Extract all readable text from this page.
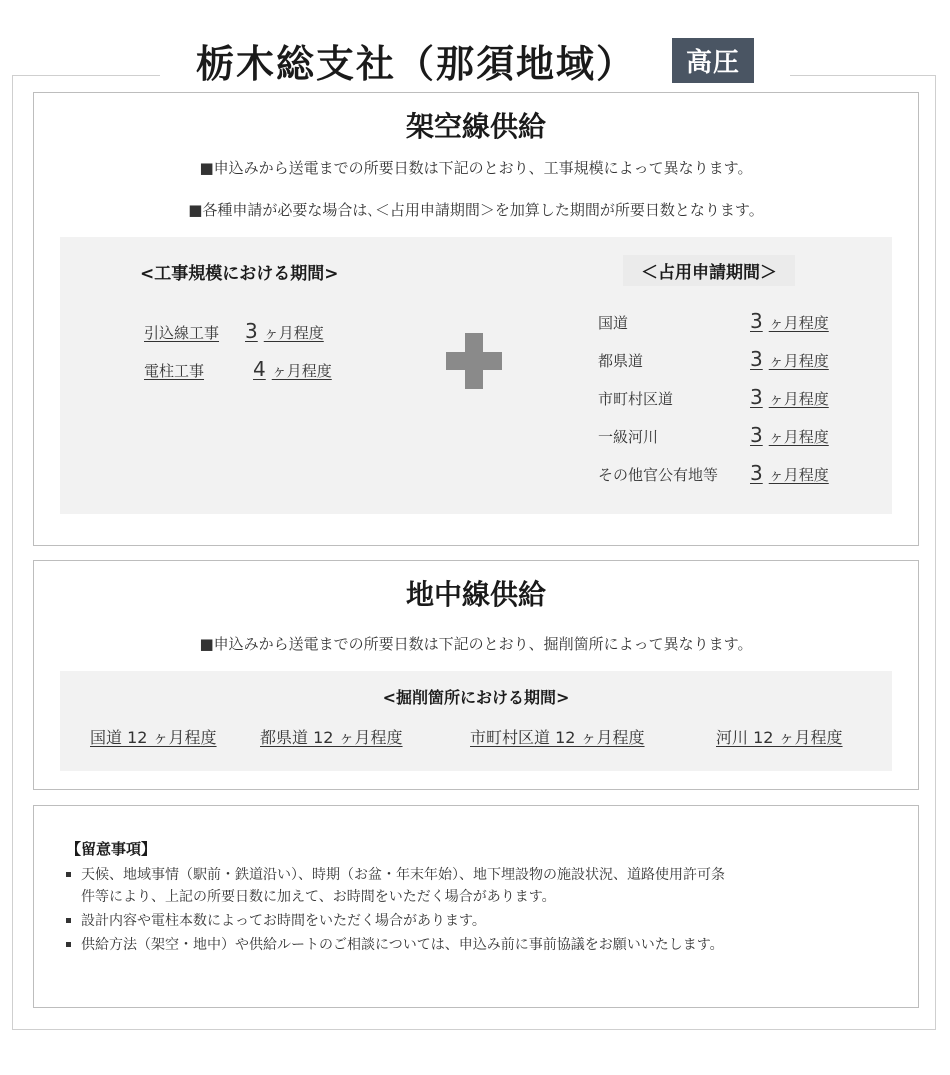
栃木総支社（那須地域）	高圧
架空線供給
■申込みから送電までの所要日数は下記のとおり、工事規模によって異なります。
■各種申請が必要な場合は､＜占用申請期間＞を加算した期間が所要日数となります。
<工事規模における期間>	＜占用申請期間＞
引込線工事 3 ヶ月程度
電柱工事 4 ヶ月程度
国道	3 ヶ月程度
都県道	3 ヶ月程度
市町村区道	3 ヶ月程度
一級河川	3 ヶ月程度
その他官公有地等 3 ヶ月程度
地中線供給
■申込みから送電までの所要日数は下記のとおり、掘削箇所によって異なります。
<掘削箇所における期間>
国道 12 ヶ月程度	都県道 12 ヶ月程度	市町村区道 12 ヶ月程度	河川 12 ヶ月程度
【留意事項】
天候、地域事情（駅前・鉄道沿い）、時期（お盆・年末年始）、地下埋設物の施設状況、道路使用許可条
件等により、上記の所要日数に加えて、お時間をいただく場合があります。
設計内容や電柱本数によってお時間をいただく場合があります。
供給方法（架空・地中）や供給ルートのご相談については、申込み前に事前協議をお願いいたします。
